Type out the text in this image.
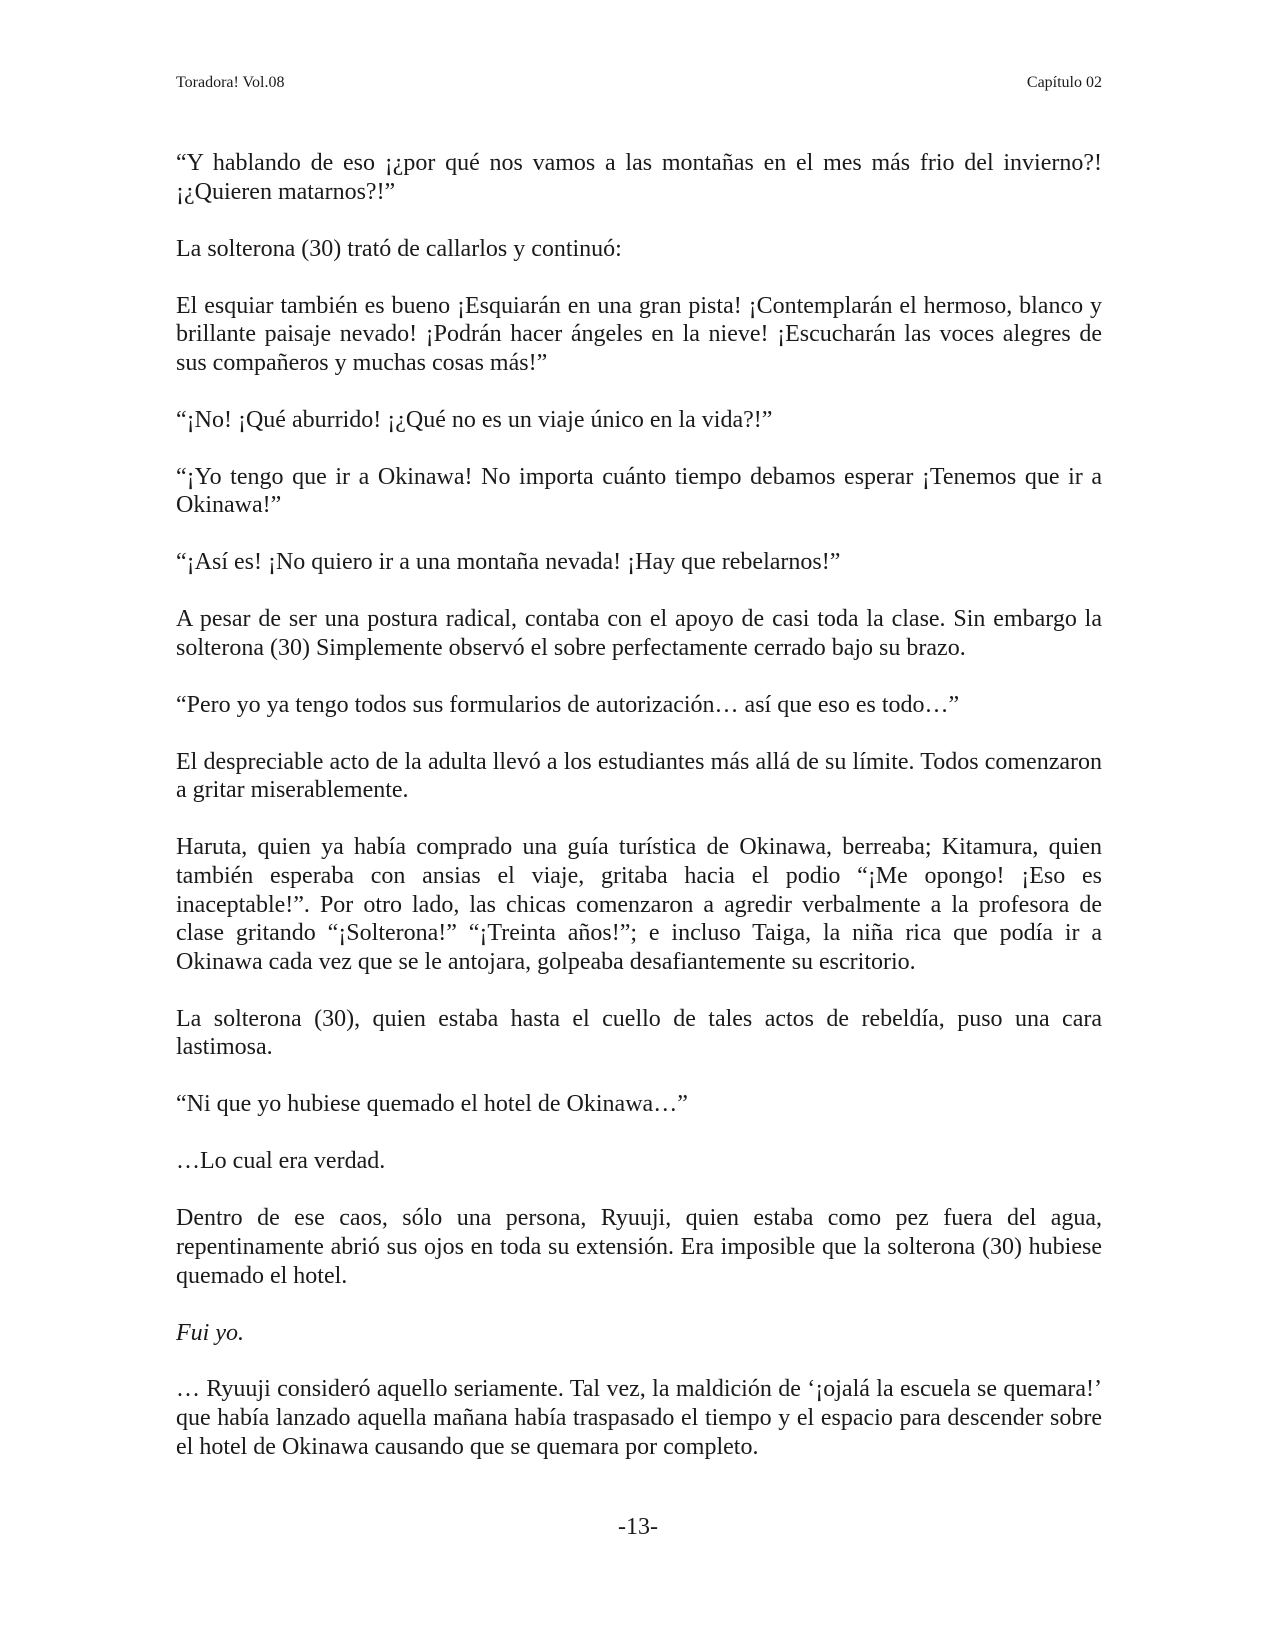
Toradora! Vol.08	Capítulo 02

“Y hablando de eso ¡¿por qué nos vamos a las montañas en el mes más frio del invierno?! ¡¿Quieren matarnos?!”

La solterona (30) trató de callarlos y continuó:

El esquiar también es bueno ¡Esquiarán en una gran pista! ¡Contemplarán el hermoso, blanco y brillante paisaje nevado! ¡Podrán hacer ángeles en la nieve! ¡Escucharán las voces alegres de sus compañeros y muchas cosas más!”

“¡No! ¡Qué aburrido! ¡¿Qué no es un viaje único en la vida?!”

“¡Yo tengo que ir a Okinawa! No importa cuánto tiempo debamos esperar ¡Tenemos que ir a Okinawa!”

“¡Así es! ¡No quiero ir a una montaña nevada! ¡Hay que rebelarnos!”

A pesar de ser una postura radical, contaba con el apoyo de casi toda la clase. Sin embargo la solterona (30) Simplemente observó el sobre perfectamente cerrado bajo su brazo.

“Pero yo ya tengo todos sus formularios de autorización… así que eso es todo…”

El despreciable acto de la adulta llevó a los estudiantes más allá de su límite. Todos comenzaron a gritar miserablemente.

Haruta, quien ya había comprado una guía turística de Okinawa, berreaba; Kitamura, quien también esperaba con ansias el viaje, gritaba hacia el podio “¡Me opongo! ¡Eso es inaceptable!”. Por otro lado, las chicas comenzaron a agredir verbalmente a la profesora de clase gritando “¡Solterona!” “¡Treinta años!”; e incluso Taiga, la niña rica que podía ir a Okinawa cada vez que se le antojara, golpeaba desafiantemente su escritorio.

La solterona (30), quien estaba hasta el cuello de tales actos de rebeldía, puso una cara lastimosa.

“Ni que yo hubiese quemado el hotel de Okinawa…”

…Lo cual era verdad.

Dentro de ese caos, sólo una persona, Ryuuji, quien estaba como pez fuera del agua, repentinamente abrió sus ojos en toda su extensión. Era imposible que la solterona (30) hubiese quemado el hotel.

Fui yo.

… Ryuuji consideró aquello seriamente. Tal vez, la maldición de ‘¡ojalá la escuela se quemara!’ que había lanzado aquella mañana había traspasado el tiempo y el espacio para descender sobre el hotel de Okinawa causando que se quemara por completo.

-13-
